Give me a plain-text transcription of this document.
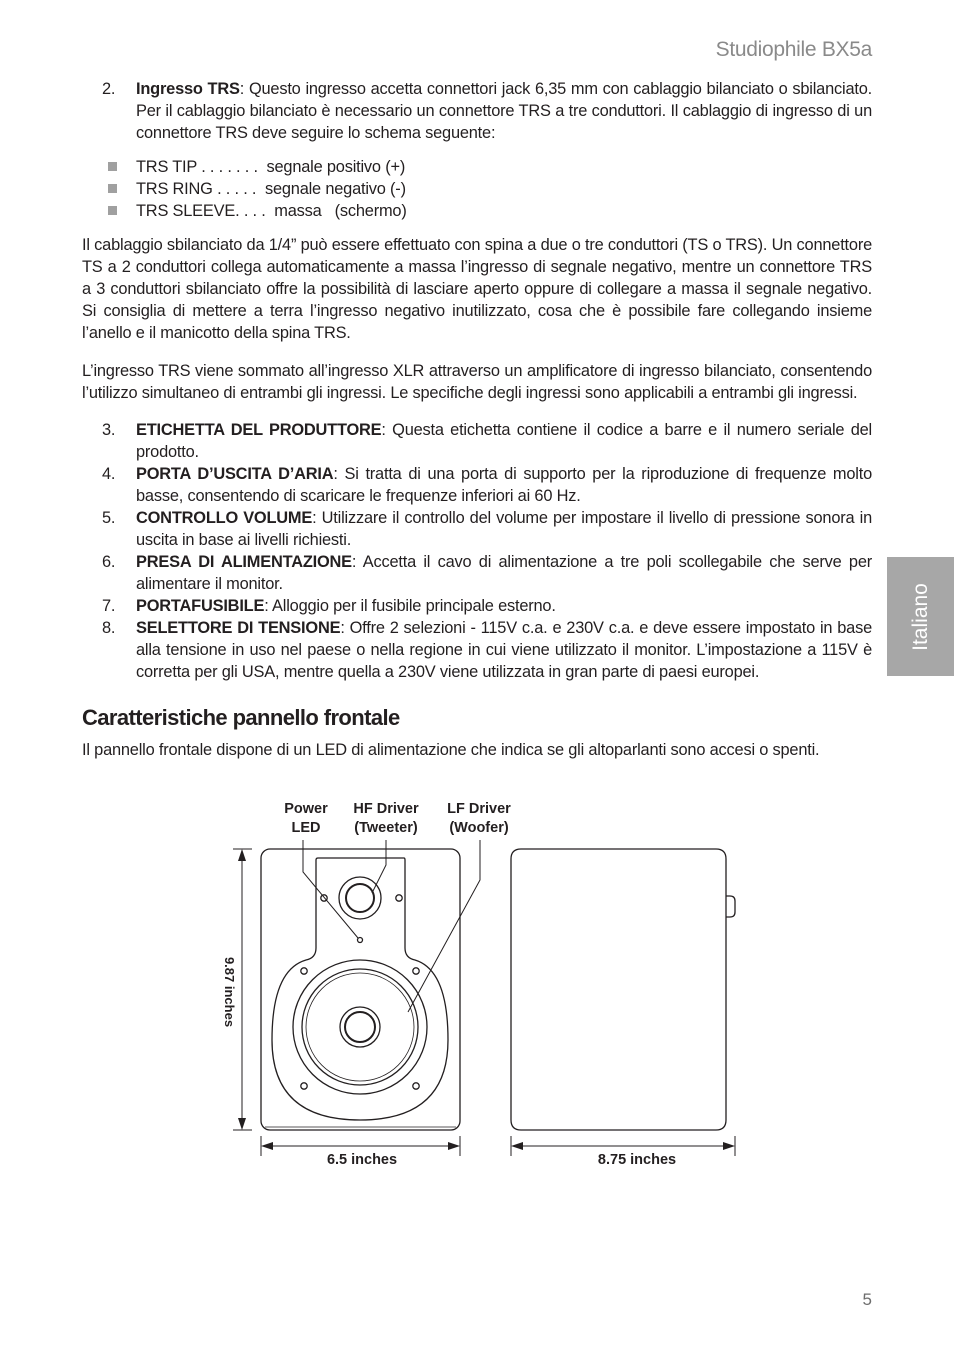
Studiophile BX5a
Italiano
2. Ingresso TRS: Questo ingresso accetta connettori jack 6,35 mm con cablaggio bilanciato o sbilanciato. Per il cablaggio bilanciato è necessario un connettore TRS a tre conduttori. Il cablaggio di ingresso di un connettore TRS deve seguire lo schema seguente:
TRS TIP . . . . . . .  segnale positivo (+)
TRS RING . . . . .  segnale negativo (-)
TRS SLEEVE. . . .  massa   (schermo)
Il cablaggio sbilanciato da 1/4” può essere effettuato con spina a due o tre conduttori (TS o TRS). Un connettore TS a 2 conduttori collega automaticamente a massa l’ingresso di segnale negativo, mentre un connettore TRS a 3 conduttori sbilanciato offre la possibilità di lasciare aperto oppure di collegare a massa il segnale negativo. Si consiglia di mettere a terra l’ingresso negativo inutilizzato, cosa che è possibile fare collegando insieme l’anello e il manicotto della spina TRS.
L’ingresso TRS viene sommato all’ingresso XLR attraverso un amplificatore di ingresso bilanciato, consentendo l’utilizzo simultaneo di entrambi gli ingressi. Le specifiche degli ingressi sono applicabili a entrambi gli ingressi.
3. ETICHETTA DEL PRODUTTORE: Questa etichetta contiene il codice a barre e il numero seriale del prodotto.
4. PORTA D’USCITA D’ARIA: Si tratta di una porta di supporto per la riproduzione di frequenze molto basse, consentendo di scaricare le frequenze inferiori ai 60 Hz.
5. CONTROLLO VOLUME: Utilizzare il controllo del volume per impostare il livello di pressione sonora in uscita in base ai livelli richiesti.
6. PRESA DI ALIMENTAZIONE: Accetta il cavo di alimentazione a tre poli scollegabile che serve per alimentare il monitor.
7. PORTAFUSIBILE: Alloggio per il fusibile principale esterno.
8. SELETTORE DI TENSIONE: Offre 2 selezioni - 115V c.a. e 230V c.a. e deve essere impostato in base alla tensione in uso nel paese o nella regione in cui viene utilizzato il monitor. L’impostazione a 115V è corretta per gli USA, mentre quella a 230V viene utilizzata in gran parte di paesi europei.
Caratteristiche pannello frontale
Il pannello frontale dispone di un LED di alimentazione che indica se gli altoparlanti sono accesi o spenti.
Power
LED
HF Driver
(Tweeter)
LF Driver
(Woofer)
6.5 inches	8.75 inches
9.87 inches
5
